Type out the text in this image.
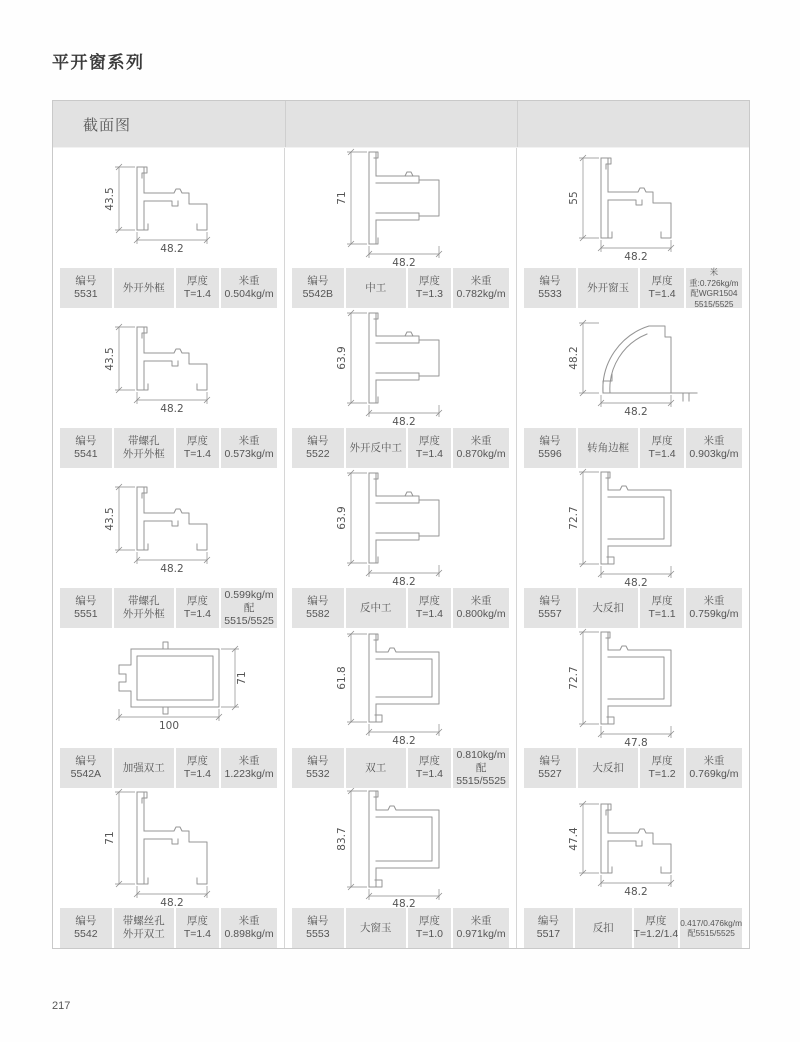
平开窗系列
截面图
43.5
48.2
编号
5531
外开外框
厚度
T=1.4
米重
0.504kg/m
71
48.2
编号
5542B
中工
厚度
T=1.3
米重
0.782kg/m
55
48.2
编号
5533
外开窗玉
厚度
T=1.4
米重:0.726kg/m
配WGR1504
5515/5525
43.5
48.2
编号
5541
带螺孔
外开外框
厚度
T=1.4
米重
0.573kg/m
63.9
48.2
编号
5522
外开反中工
厚度
T=1.4
米重
0.870kg/m
48.2
48.2
编号
5596
转角边框
厚度
T=1.4
米重
0.903kg/m
43.5
48.2
编号
5551
带螺孔
外开外框
厚度
T=1.4
0.599kg/m
配5515/5525
63.9
48.2
编号
5582
反中工
厚度
T=1.4
米重
0.800kg/m
72.7
48.2
编号
5557
大反扣
厚度
T=1.1
米重
0.759kg/m
71
100
编号
5542A
加强双工
厚度
T=1.4
米重
1.223kg/m
61.8
48.2
编号
5532
双工
厚度
T=1.4
0.810kg/m
配5515/5525
72.7
47.8
编号
5527
大反扣
厚度
T=1.2
米重
0.769kg/m
71
48.2
编号
5542
带螺丝孔
外开双工
厚度
T=1.4
米重
0.898kg/m
83.7
48.2
编号
5553
大窗玉
厚度
T=1.0
米重
0.971kg/m
47.4
48.2
编号
5517
反扣
厚度
T=1.2/1.4
0.417/0.476kg/m
配5515/5525
217
